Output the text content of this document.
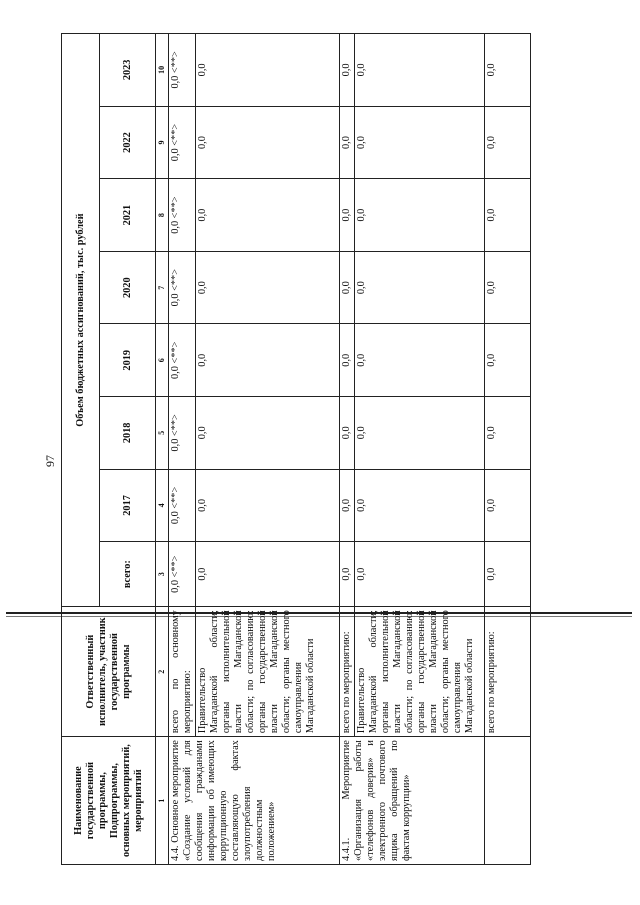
97
Наименование государственной программы, Подпрограммы, основных мероприятий, мероприятий	Ответственный исполнитель, участник государственной программы	Объем бюджетных ассигнований, тыс. рублей							
		всего:	2017	2018	2019	2020	2021	2022	2023
1	2	3	4	5	6	7	8	9	10
4.4. Основное мероприятие «Создание условий для сообщения гражданами информации об имеющих коррупционную составляющую фактах злоупотребления должностным положением»	всего по основному мероприятию:	0,0 <**>	0,0 <**>	0,0 <**>	0,0 <**>	0,0 <**>	0,0 <**>	0,0 <**>	0,0 <**>
	Правительство Магаданской области; органы исполнительной власти Магаданской области; по согласованию: органы государственной власти Магаданской области; органы местного самоуправления Магаданской области	0,0	0,0	0,0	0,0	0,0	0,0	0,0	0,0
4.4.1. Мероприятие «Организация работы «телефонов доверия» и электронного почтового ящика обращений по фактам коррупции»	всего по мероприятию:	0,0	0,0	0,0	0,0	0,0	0,0	0,0	0,0
	Правительство Магаданской области; органы исполнительной власти Магаданской области; по согласованию: органы государственной власти Магаданской области; органы местного самоуправления Магаданской области	0,0	0,0	0,0	0,0	0,0	0,0	0,0	0,0
	всего по мероприятию:	0,0	0,0	0,0	0,0	0,0	0,0	0,0	0,0
